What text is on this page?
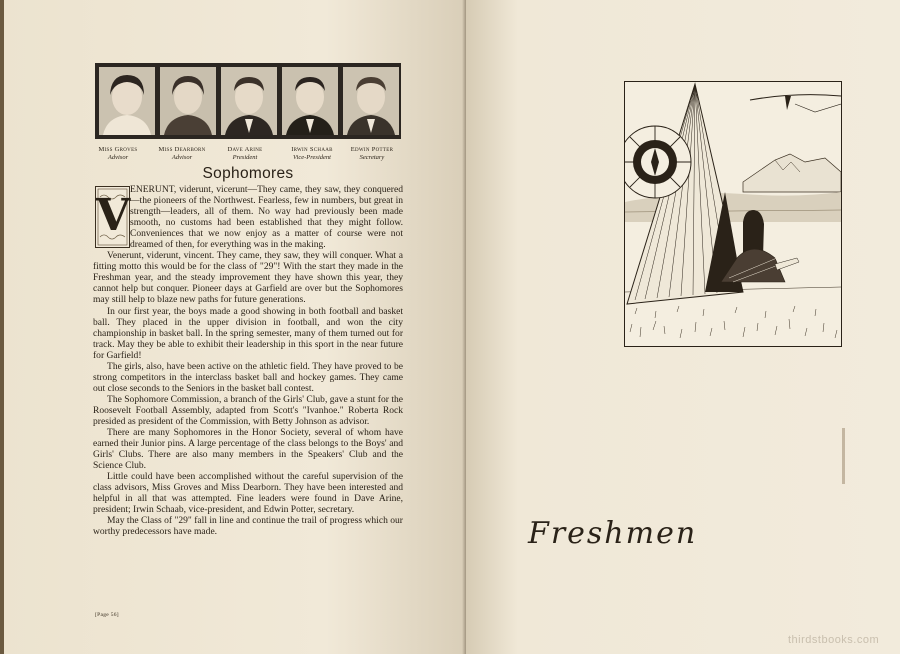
Miss Groves
Advisor
Miss Dearborn
Advisor
Dave Arine
President
Irwin Schaab
Vice-President
Edwin Potter
Secretary
Sophomores

ENERUNT, viderunt, vicerunt—They came, they saw, they conquered—the pioneers of the Northwest. Fearless, few in numbers, but great in strength—leaders, all of them. No way had previously been made smooth, no customs had been established that they might follow. Conveniences that we now enjoy as a matter of course were not dreamed of then, for everything was in the making.

Venerunt, viderunt, vincent. They came, they saw, they will conquer. What a fitting motto this would be for the class of "29"! With the start they made in the Freshman year, and the steady improvement they have shown this year, they cannot help but conquer. Pioneer days at Garfield are over but the Sophomores may still help to blaze new paths for future generations.

In our first year, the boys made a good showing in both football and basket ball. They placed in the upper division in football, and won the city championship in basket ball. In the spring semester, many of them turned out for track. May they be able to exhibit their leadership in this sport in the near future for Garfield!

The girls, also, have been active on the athletic field. They have proved to be strong competitors in the interclass basket ball and hockey games. They came out close seconds to the Seniors in the basket ball contest.

The Sophomore Commission, a branch of the Girls' Club, gave a stunt for the Roosevelt Football Assembly, adapted from Scott's "Ivanhoe." Roberta Rock presided as president of the Commission, with Betty Johnson as advisor.

There are many Sophomores in the Honor Society, several of whom have earned their Junior pins. A large percentage of the class belongs to the Boys' and Girls' Clubs. There are also many members in the Speakers' Club and the Science Club.

Little could have been accomplished without the careful supervision of the class advisors, Miss Groves and Miss Dearborn. They have been interested and helpful in all that was attempted. Fine leaders were found in Dave Arine, president; Irwin Schaab, vice-president, and Edwin Potter, secretary.

May the Class of "29" fall in line and continue the trail of progress which our worthy predecessors have made.

V
[Page 56]
Freshmen
thirdstbooks.com
